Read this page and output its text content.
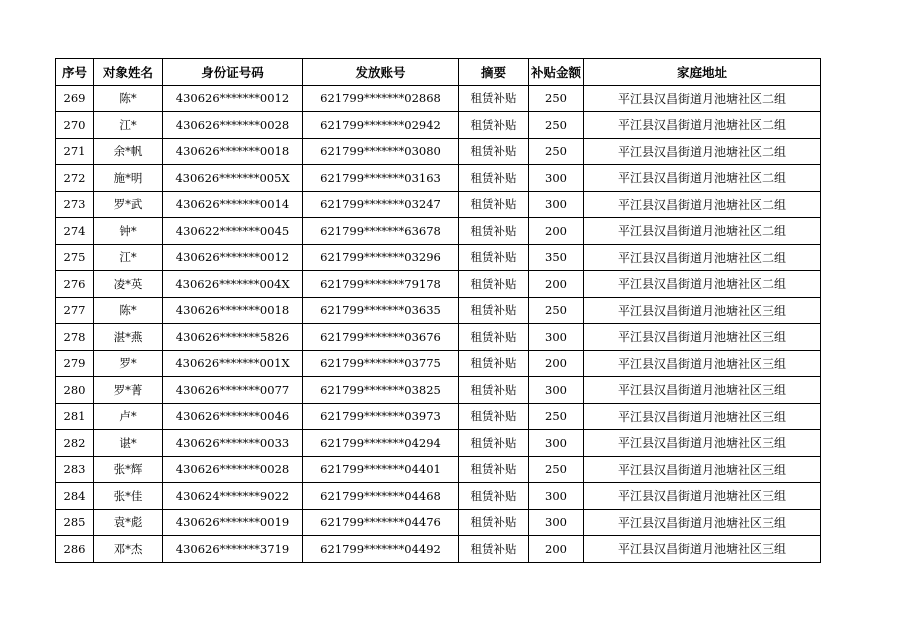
序号	对象姓名	身份证号码	发放账号	摘要	补贴金额	家庭地址
269	陈*	430626*******0012	621799*******02868	租赁补贴	250	平江县汉昌街道月池塘社区二组
270	江*	430626*******0028	621799*******02942	租赁补贴	250	平江县汉昌街道月池塘社区二组
271	余*帆	430626*******0018	621799*******03080	租赁补贴	250	平江县汉昌街道月池塘社区二组
272	施*明	430626*******005X	621799*******03163	租赁补贴	300	平江县汉昌街道月池塘社区二组
273	罗*武	430626*******0014	621799*******03247	租赁补贴	300	平江县汉昌街道月池塘社区二组
274	钟*	430622*******0045	621799*******63678	租赁补贴	200	平江县汉昌街道月池塘社区二组
275	江*	430626*******0012	621799*******03296	租赁补贴	350	平江县汉昌街道月池塘社区二组
276	凌*英	430626*******004X	621799*******79178	租赁补贴	200	平江县汉昌街道月池塘社区二组
277	陈*	430626*******0018	621799*******03635	租赁补贴	250	平江县汉昌街道月池塘社区三组
278	湛*燕	430626*******5826	621799*******03676	租赁补贴	300	平江县汉昌街道月池塘社区三组
279	罗*	430626*******001X	621799*******03775	租赁补贴	200	平江县汉昌街道月池塘社区三组
280	罗*菁	430626*******0077	621799*******03825	租赁补贴	300	平江县汉昌街道月池塘社区三组
281	卢*	430626*******0046	621799*******03973	租赁补贴	250	平江县汉昌街道月池塘社区三组
282	谌*	430626*******0033	621799*******04294	租赁补贴	300	平江县汉昌街道月池塘社区三组
283	张*辉	430626*******0028	621799*******04401	租赁补贴	250	平江县汉昌街道月池塘社区三组
284	张*佳	430624*******9022	621799*******04468	租赁补贴	300	平江县汉昌街道月池塘社区三组
285	袁*彪	430626*******0019	621799*******04476	租赁补贴	300	平江县汉昌街道月池塘社区三组
286	邓*杰	430626*******3719	621799*******04492	租赁补贴	200	平江县汉昌街道月池塘社区三组
